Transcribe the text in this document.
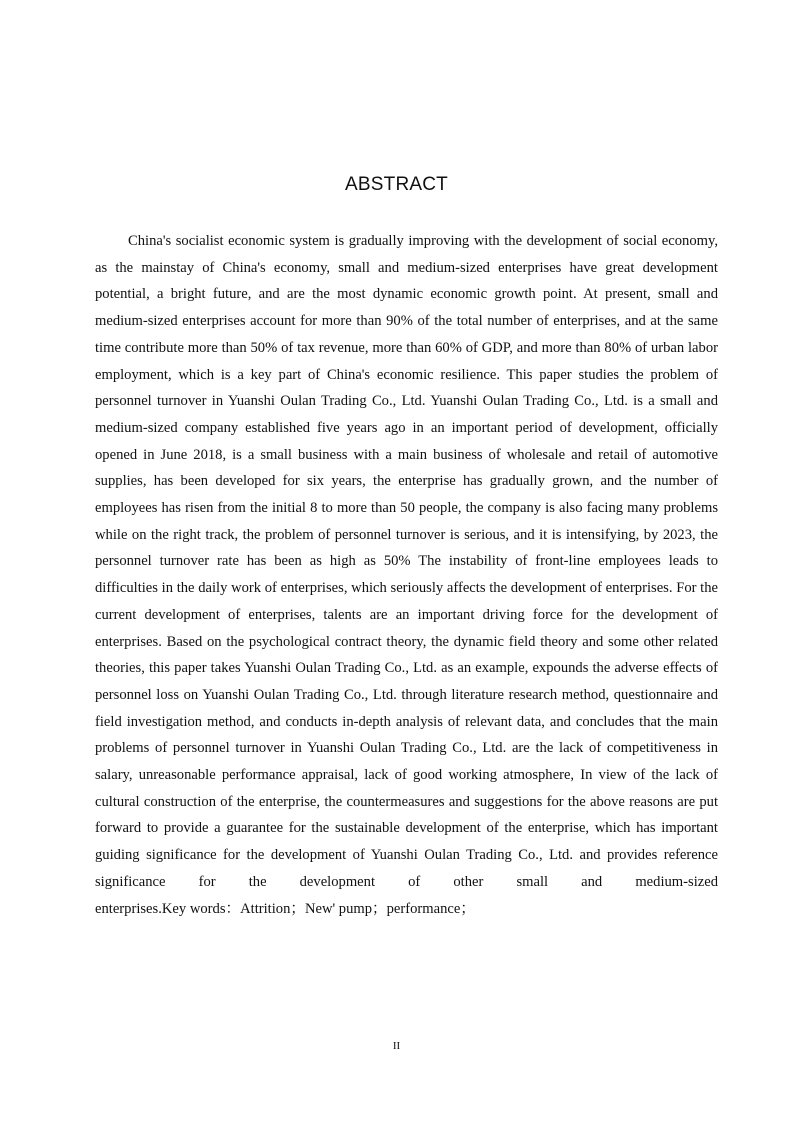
ABSTRACT

China's socialist economic system is gradually improving with the development of social economy, as the mainstay of China's economy, small and medium-sized enterprises have great development potential, a bright future, and are the most dynamic economic growth point. At present, small and medium-sized enterprises account for more than 90% of the total number of enterprises, and at the same time contribute more than 50% of tax revenue, more than 60% of GDP, and more than 80% of urban labor employment, which is a key part of China's economic resilience. This paper studies the problem of personnel turnover in Yuanshi Oulan Trading Co., Ltd. Yuanshi Oulan Trading Co., Ltd. is a small and medium-sized company established five years ago in an important period of development, officially opened in June 2018, is a small business with a main business of wholesale and retail of automotive supplies, has been developed for six years, the enterprise has gradually grown, and the number of employees has risen from the initial 8 to more than 50 people, the company is also facing many problems while on the right track, the problem of personnel turnover is serious, and it is intensifying, by 2023, the personnel turnover rate has been as high as 50% The instability of front-line employees leads to difficulties in the daily work of enterprises, which seriously affects the development of enterprises. For the current development of enterprises, talents are an important driving force for the development of enterprises. Based on the psychological contract theory, the dynamic field theory and some other related theories, this paper takes Yuanshi Oulan Trading Co., Ltd. as an example, expounds the adverse effects of personnel loss on Yuanshi Oulan Trading Co., Ltd. through literature research method, questionnaire and field investigation method, and conducts in-depth analysis of relevant data, and concludes that the main problems of personnel turnover in Yuanshi Oulan Trading Co., Ltd. are the lack of competitiveness in salary, unreasonable performance appraisal, lack of good working atmosphere, In view of the lack of cultural construction of the enterprise, the countermeasures and suggestions for the above reasons are put forward to provide a guarantee for the sustainable development of the enterprise, which has important guiding significance for the development of Yuanshi Oulan Trading Co., Ltd. and provides reference significance for the development of other small and medium-sized enterprises.Key words：Attrition；New' pump；performance；

II
